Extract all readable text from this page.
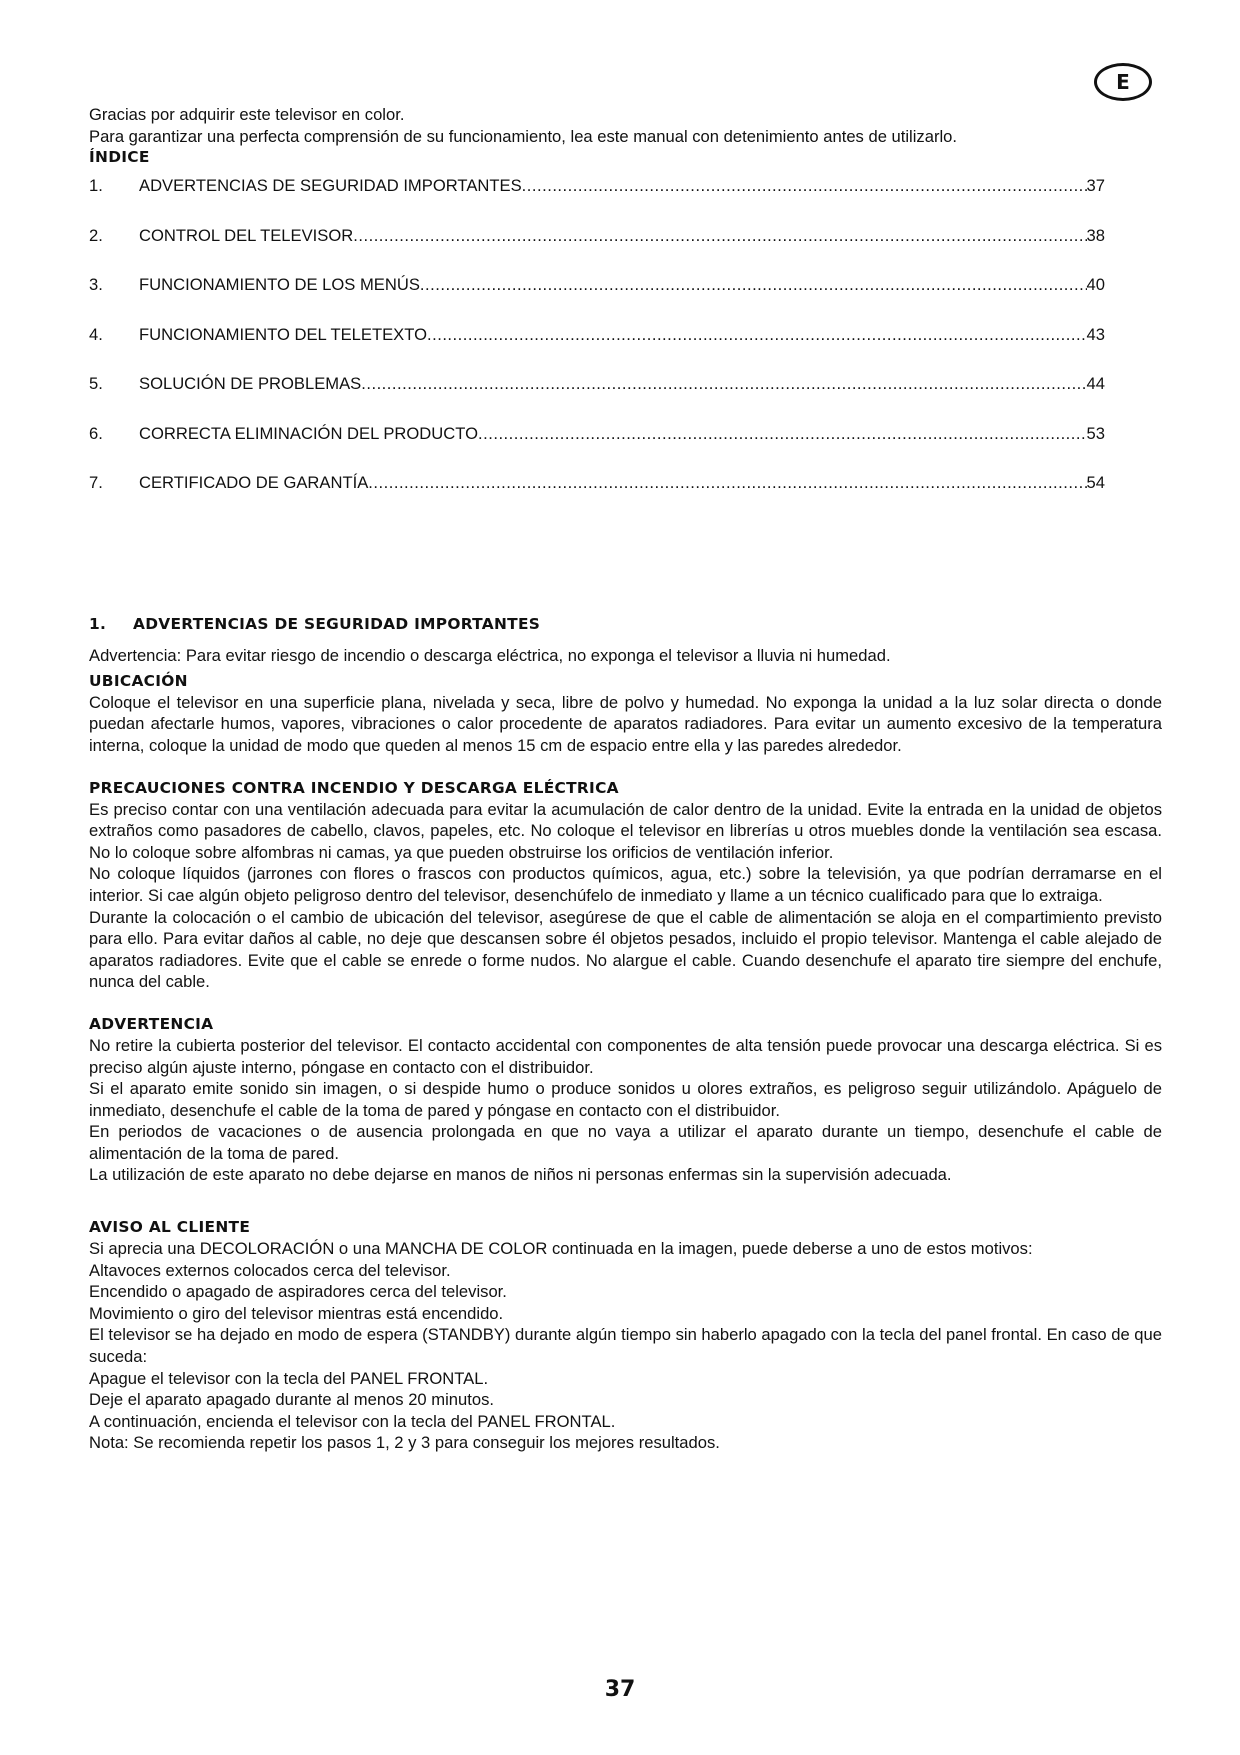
E

Gracias por adquirir este televisor en color.

Para garantizar una perfecta comprensión de su funcionamiento, lea este manual con detenimiento antes de utilizarlo.

ÍNDICE

1.	ADVERTENCIAS DE SEGURIDAD IMPORTANTES .....	37
2.	CONTROL DEL TELEVISOR .....	38
3.	FUNCIONAMIENTO DE LOS MENÚS .....	40
4.	FUNCIONAMIENTO DEL TELETEXTO .....	43
5.	SOLUCIÓN DE PROBLEMAS .....	44
6.	CORRECTA ELIMINACIÓN DEL PRODUCTO .....	53
7.	CERTIFICADO DE GARANTÍA .....	54
1.	ADVERTENCIAS DE SEGURIDAD IMPORTANTES

Advertencia: Para evitar riesgo de incendio o descarga eléctrica, no exponga el televisor a lluvia ni humedad.

UBICACIÓN

Coloque el televisor en una superficie plana, nivelada y seca, libre de polvo y humedad. No exponga la unidad a la luz solar directa o donde puedan afectarle humos, vapores, vibraciones o calor procedente de aparatos radiadores. Para evitar un aumento excesivo de la temperatura interna, coloque la unidad de modo que queden al menos 15 cm de espacio entre ella y las paredes alrededor.

PRECAUCIONES CONTRA INCENDIO Y DESCARGA ELÉCTRICA

Es preciso contar con una ventilación adecuada para evitar la acumulación de calor dentro de la unidad. Evite la entrada en la unidad de objetos extraños como pasadores de cabello, clavos, papeles, etc. No coloque el televisor en librerías u otros muebles donde la ventilación sea escasa. No lo coloque sobre alfombras ni camas, ya que pueden obstruirse los orificios de ventilación inferior.

No coloque líquidos (jarrones con flores o frascos con productos químicos, agua, etc.) sobre la televisión, ya que podrían derramarse en el interior. Si cae algún objeto peligroso dentro del televisor, desenchúfelo de inmediato y llame a un técnico cualificado para que lo extraiga.

Durante la colocación o el cambio de ubicación del televisor, asegúrese de que el cable de alimentación se aloja en el compartimiento previsto para ello. Para evitar daños al cable, no deje que descansen sobre él objetos pesados, incluido el propio televisor. Mantenga el cable alejado de aparatos radiadores. Evite que el cable se enrede o forme nudos. No alargue el cable. Cuando desenchufe el aparato tire siempre del enchufe, nunca del cable.

ADVERTENCIA

No retire la cubierta posterior del televisor. El contacto accidental con componentes de alta tensión puede provocar una descarga eléctrica. Si es preciso algún ajuste interno, póngase en contacto con el distribuidor.

Si el aparato emite sonido sin imagen, o si despide humo o produce sonidos u olores extraños, es peligroso seguir utilizándolo. Apáguelo de inmediato, desenchufe el cable de la toma de pared y póngase en contacto con el distribuidor.

En periodos de vacaciones o de ausencia prolongada en que no vaya a utilizar el aparato durante un tiempo, desenchufe el cable de alimentación de la toma de pared.

La utilización de este aparato no debe dejarse en manos de niños ni personas enfermas sin la supervisión adecuada.

AVISO AL CLIENTE

Si aprecia una DECOLORACIÓN o una MANCHA DE COLOR continuada en la imagen, puede deberse a uno de estos motivos:

Altavoces externos colocados cerca del televisor.

Encendido o apagado de aspiradores cerca del televisor.

Movimiento o giro del televisor mientras está encendido.

El televisor se ha dejado en modo de espera (STANDBY) durante algún tiempo sin haberlo apagado con la tecla del panel frontal. En caso de que suceda:

Apague el televisor con la tecla del PANEL FRONTAL.

Deje el aparato apagado durante al menos 20 minutos.

A continuación, encienda el televisor con la tecla del PANEL FRONTAL.

Nota: Se recomienda repetir los pasos 1, 2 y 3 para conseguir los mejores resultados.

37
